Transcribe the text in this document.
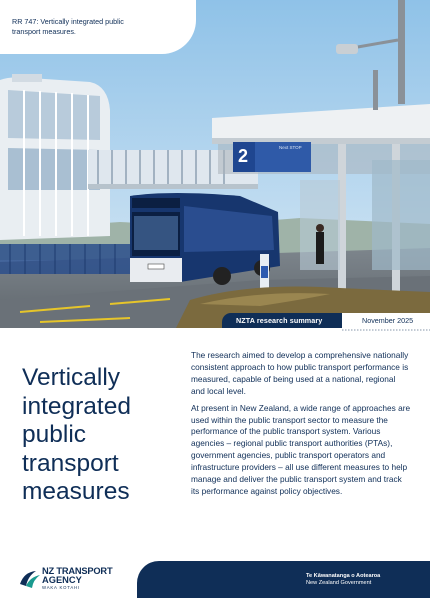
2	Next STOP
RR 747: Vertically integrated public
transport measures.
NZTA research summary	November 2025
Vertically
integrated
public
transport
measures

The research aimed to develop a comprehensive nationally consistent approach to how public transport performance is measured, capable of being used at a national, regional and local level.

At present in New Zealand, a wide range of approaches are used within the public transport sector to measure the performance of the public transport system. Various agencies – regional public transport authorities (PTAs), government agencies, public transport operators and infrastructure providers – all use different measures to help manage and deliver the public transport system and track its performance against policy objectives.

NZ TRANSPORT
AGENCY
WAKA KOTAHI
Te Kāwanatanga o Aotearoa
New Zealand Government
